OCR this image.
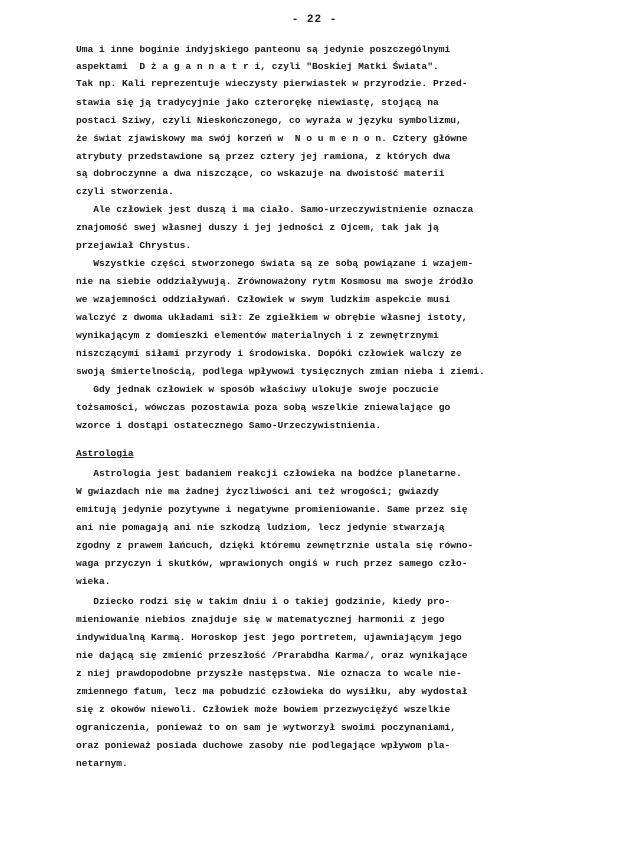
- 22 -
Uma i inne boginie indyjskiego panteonu są jedynie poszczególnymi
aspektami  D ż a g a n n a t r i, czyli "Boskiej Matki Świata".
Tak np. Kali reprezentuje wieczysty pierwiastek w przyrodzie. Przed-
stawia się ją tradycyjnie jako czterorękę niewiastę, stojącą na
postaci Sziwy, czyli Nieskończonego, co wyraża w języku symbolizmu,
że świat zjawiskowy ma swój korzeń w  N o u m e n o n. Cztery główne
atrybuty przedstawione są przez cztery jej ramiona, z których dwa
są dobroczynne a dwa niszczące, co wskazuje na dwoistość materii
czyli stworzenia.
Ale człowiek jest duszą i ma ciało. Samo-urzeczywistnienie oznacza
znajomość swej własnej duszy i jej jedności z Ojcem, tak jak ją
przejawiał Chrystus.
Wszystkie części stworzonego świata są ze sobą powiązane i wzajem-
nie na siebie oddziaływują. Zrównoważony rytm Kosmosu ma swoje źródło
we wzajemności oddziaływań. Człowiek w swym ludzkim aspekcie musi
walczyć z dwoma układami sił: Ze zgiełkiem w obrębie własnej istoty,
wynikającym z domieszki elementów materialnych i z zewnętrznymi
niszczącymi siłami przyrody i środowiska. Dopóki człowiek walczy ze
swoją śmiertelnością, podlega wpływowi tysięcznych zmian nieba i ziemi.
Gdy jednak człowiek w sposób właściwy ulokuje swoje poczucie
tożsamości, wówczas pozostawia poza sobą wszelkie zniewalające go
wzorce i dostąpi ostatecznego Samo-Urzeczywistnienia.
Astrologia
Astrologia jest badaniem reakcji człowieka na bodźce planetarne.
W gwiazdach nie ma żadnej życzliwości ani też wrogości; gwiazdy
emitują jedynie pozytywne i negatywne promieniowanie. Same przez się
ani nie pomagają ani nie szkodzą ludziom, lecz jedynie stwarzają
zgodny z prawem łańcuch, dzięki któremu zewnętrznie ustala się równo-
waga przyczyn i skutków, wprawionych ongiś w ruch przez samego czło-
wieka.
Dziecko rodzi się w takim dniu i o takiej godzinie, kiedy pro-
mieniowanie niebios znajduje się w matematycznej harmonii z jego
indywidualną Karmą. Horoskop jest jego portretem, ujawniającym jego
nie dającą się zmienić przeszłość /Prarabdha Karma/, oraz wynikające
z niej prawdopodobne przyszłe następstwa. Nie oznacza to wcale nie-
zmiennego fatum, lecz ma pobudzić człowieka do wysiłku, aby wydostał
się z okowów niewoli. Człowiek może bowiem przezwyciężyć wszelkie
ograniczenia, ponieważ to on sam je wytworzył swoimi poczynaniami,
oraz ponieważ posiada duchowe zasoby nie podlegające wpływom pla-
netarnym.
